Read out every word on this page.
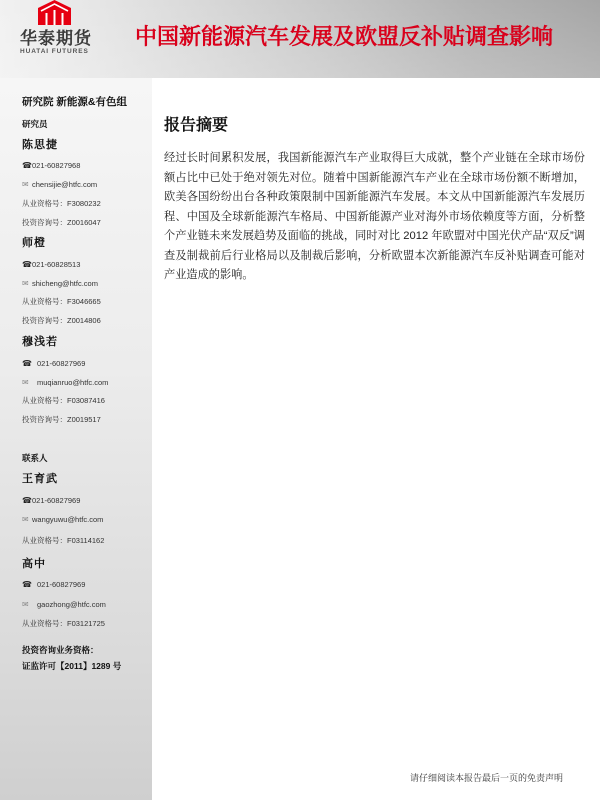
华泰期货
HUATAI FUTURES
中国新能源汽车发展及欧盟反补贴调查影响
研究院 新能源&有色组
研究员
陈思捷
☎
021-60827968
✉
chensijie@htfc.com
从业资格号：F3080232
投资咨询号：Z0016047
师橙
☎
021-60828513
✉
shicheng@htfc.com
从业资格号：F3046665
投资咨询号：Z0014806
穆浅若
☎
021-60827969
✉
muqianruo@htfc.com
从业资格号：F03087416
投资咨询号：Z0019517
联系人
王育武
☎
021-60827969
✉
wangyuwu@htfc.com
从业资格号：F03114162
高中
☎
021-60827969
✉
gaozhong@htfc.com
从业资格号：F03121725
投资咨询业务资格：
证监许可【2011】1289 号
报告摘要

经过长时间累积发展，我国新能源汽车产业取得巨大成就，整个产业链在全球市场份额占比中已处于绝对领先对位。随着中国新能源汽车产业在全球市场份额不断增加，欧美各国纷纷出台各种政策限制中国新能源汽车发展。本文从中国新能源汽车发展历程、中国及全球新能源汽车格局、中国新能源产业对海外市场依赖度等方面，分析整个产业链未来发展趋势及面临的挑战，同时对比 2012 年欧盟对中国光伏产品“双反”调查及制裁前后行业格局以及制裁后影响，分析欧盟本次新能源汽车反补贴调查可能对产业造成的影响。

请仔细阅读本报告最后一页的免责声明
